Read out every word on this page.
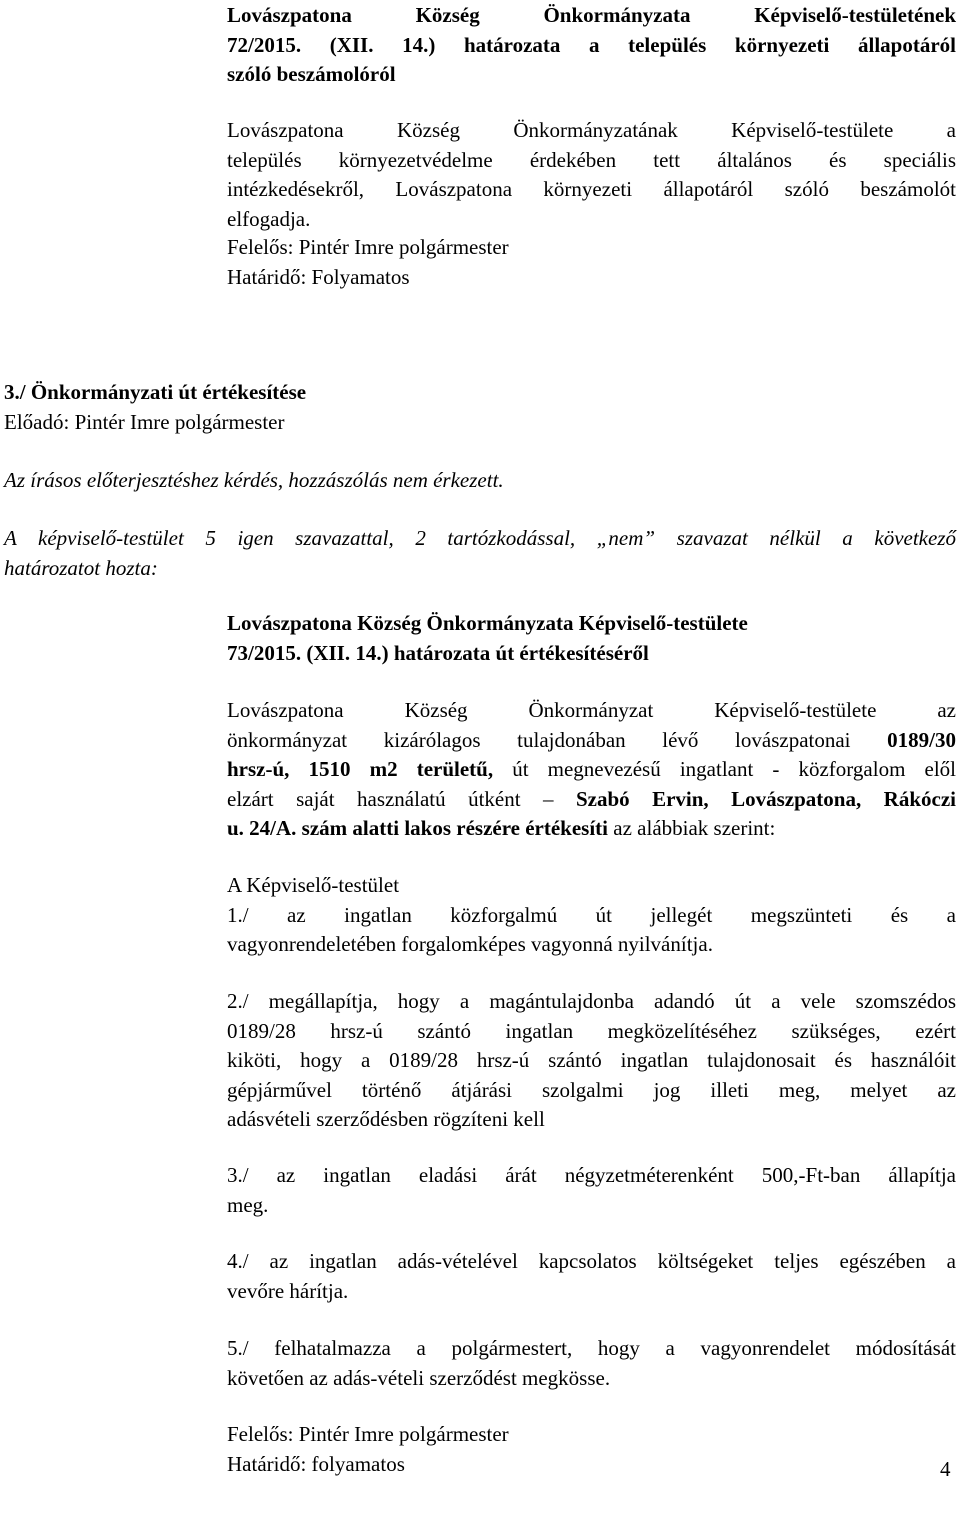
Lovászpatona Község Önkormányzata Képviselő-testületének
72/2015. (XII. 14.) határozata a település környezeti állapotáról
szóló beszámolóról
Lovászpatona Község Önkormányzatának Képviselő-testülete a
település környezetvédelme érdekében tett általános és speciális
intézkedésekről, Lovászpatona környezeti állapotáról szóló beszámolót
elfogadja.
Felelős: Pintér Imre polgármester
Határidő: Folyamatos
3./ Önkormányzati út értékesítése
Előadó: Pintér Imre polgármester
Az írásos előterjesztéshez kérdés, hozzászólás nem érkezett.
A képviselő-testület 5 igen szavazattal, 2 tartózkodással, „nem” szavazat nélkül a következő
határozatot hozta:
Lovászpatona Község Önkormányzata Képviselő-testülete
73/2015. (XII. 14.) határozata út értékesítéséről
Lovászpatona Község Önkormányzat Képviselő-testülete az
önkormányzat kizárólagos tulajdonában lévő lovászpatonai 0189/30
hrsz-ú, 1510 m2 területű, út megnevezésű ingatlant - közforgalom elől
elzárt saját használatú útként – Szabó Ervin, Lovászpatona, Rákóczi
u. 24/A. szám alatti lakos részére értékesíti az alábbiak szerint:
A Képviselő-testület
1./ az ingatlan közforgalmú út jellegét megszünteti és a
vagyonrendeletében forgalomképes vagyonná nyilvánítja.
2./ megállapítja, hogy a magántulajdonba adandó út a vele szomszédos
0189/28 hrsz-ú szántó ingatlan megközelítéséhez szükséges, ezért
kiköti, hogy a 0189/28 hrsz-ú szántó ingatlan tulajdonosait és használóit
gépjárművel történő átjárási szolgalmi jog illeti meg, melyet az
adásvételi szerződésben rögzíteni kell
3./ az ingatlan eladási árát négyzetméterenként 500,-Ft-ban állapítja
meg.
4./ az ingatlan adás-vételével kapcsolatos költségeket teljes egészében a
vevőre hárítja.
5./ felhatalmazza a polgármestert, hogy a vagyonrendelet módosítását
követően az adás-vételi szerződést megkösse.
Felelős: Pintér Imre polgármester
Határidő: folyamatos	4
